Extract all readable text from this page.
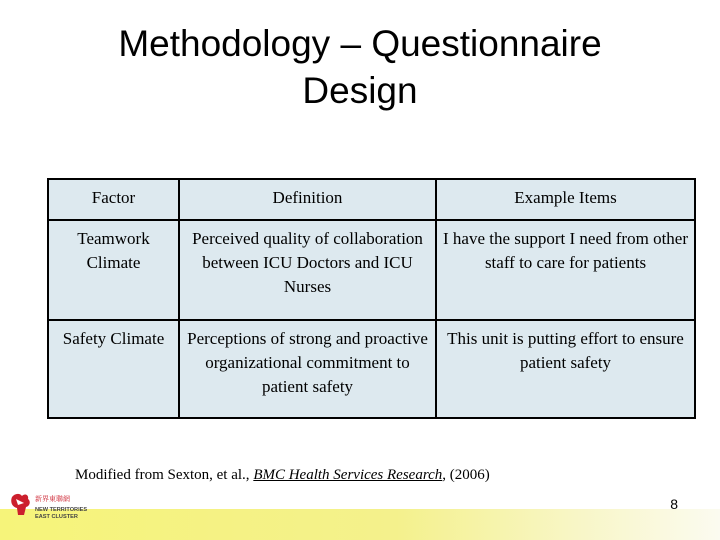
Methodology – Questionnaire
Design
Factor	Definition	Example Items
Teamwork Climate	Perceived quality of collaboration between ICU Doctors and ICU Nurses	I have the support I need from other staff to care for patients
Safety Climate	Perceptions of strong and proactive organizational commitment to patient safety	This unit is putting effort to ensure patient safety
Modified from Sexton, et al., BMC Health Services Research, (2006)
新界東聯網
NEW TERRITORIES
EAST CLUSTER
8
